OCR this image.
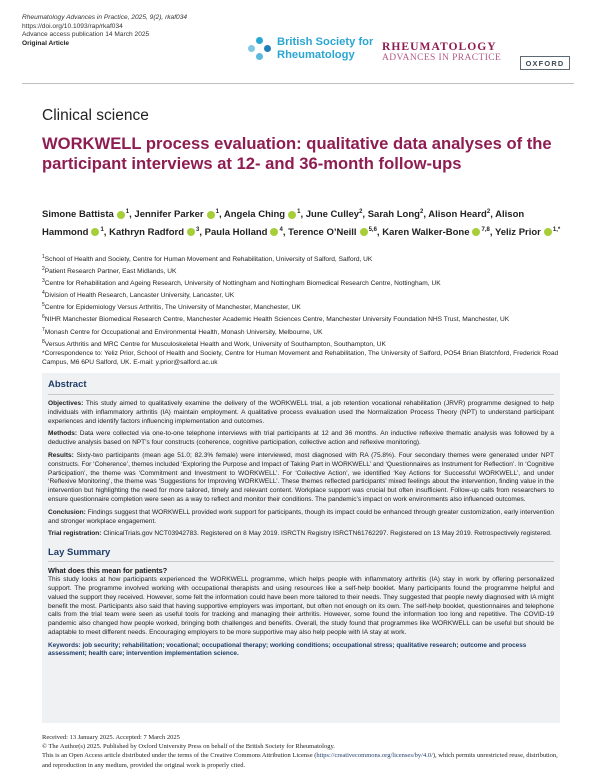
Rheumatology Advances in Practice, 2025, 9(2), rkaf034
https://doi.org/10.1093/rap/rkaf034
Advance access publication 14 March 2025
Original Article	British Society for
Rheumatology
RHEUMATOLOGY
ADVANCES IN PRACTICE
OXFORD
Clinical science
WORKWELL process evaluation: qualitative data analyses of the participant interviews at 12- and 36-month follow-ups
Simone Battista $^1$, Jennifer Parker $^1$, Angela Ching $^1$, June Culley$^2$, Sarah Long$^2$, Alison Heard$^2$, Alison Hammond $^1$, Kathryn Radford $^3$, Paula Holland $^4$, Terence O’Neill $^{5,6}$, Karen Walker-Bone $^{7,8}$, Yeliz Prior $^{1,*}$
$^1$School of Health and Society, Centre for Human Movement and Rehabilitation, University of Salford, Salford, UK
$^2$Patient Research Partner, East Midlands, UK
$^3$Centre for Rehabilitation and Ageing Research, University of Nottingham and Nottingham Biomedical Research Centre, Nottingham, UK
$^4$Division of Health Research, Lancaster University, Lancaster, UK
$^5$Centre for Epidemiology Versus Arthritis, The University of Manchester, Manchester, UK
$^6$NIHR Manchester Biomedical Research Centre, Manchester Academic Health Sciences Centre, Manchester University Foundation NHS Trust, Manchester, UK
$^7$Monash Centre for Occupational and Environmental Health, Monash University, Melbourne, UK
$^8$Versus Arthritis and MRC Centre for Musculoskeletal Health and Work, University of Southampton, Southampton, UK
*Correspondence to: Yeliz Prior, School of Health and Society, Centre for Human Movement and Rehabilitation, The University of Salford, PO54 Brian Blatchford, Frederick Road Campus, M6 6PU Salford, UK. E-mail: y.prior@salford.ac.uk
Abstract

Objectives: This study aimed to qualitatively examine the delivery of the WORKWELL trial, a job retention vocational rehabilitation (JRVR) programme designed to help individuals with inflammatory arthritis (IA) maintain employment. A qualitative process evaluation used the Normalization Process Theory (NPT) to understand participant experiences and identify factors influencing implementation and outcomes.

Methods: Data were collected via one-to-one telephone interviews with trial participants at 12 and 36 months. An inductive reflexive thematic analysis was followed by a deductive analysis based on NPT’s four constructs (coherence, cognitive participation, collective action and reflexive monitoring).

Results: Sixty-two participants (mean age 51.0; 82.3% female) were interviewed, most diagnosed with RA (75.8%). Four secondary themes were generated under NPT constructs. For ‘Coherence’, themes included ‘Exploring the Purpose and Impact of Taking Part in WORKWELL’ and ‘Questionnaires as Instrument for Reflection’. In ‘Cognitive Participation’, the theme was ‘Commitment and Investment to WORKWELL’. For ‘Collective Action’, we identified ‘Key Actions for Successful WORKWELL’, and under ‘Reflexive Monitoring’, the theme was ‘Suggestions for Improving WORKWELL’. These themes reflected participants’ mixed feelings about the intervention, finding value in the intervention but highlighting the need for more tailored, timely and relevant content. Workplace support was crucial but often insufficient. Follow-up calls from researchers to ensure questionnaire completion were seen as a way to reflect and monitor their conditions. The pandemic’s impact on work environments also influenced outcomes.

Conclusion: Findings suggest that WORKWELL provided work support for participants, though its impact could be enhanced through greater customization, early intervention and stronger workplace engagement.

Trial registration: ClinicalTrials.gov NCT03942783. Registered on 8 May 2019. ISRCTN Registry ISRCTN61762297. Registered on 13 May 2019. Retrospectively registered.

Lay Summary
What does this mean for patients?

This study looks at how participants experienced the WORKWELL programme, which helps people with inflammatory arthritis (IA) stay in work by offering personalized support. The programme involved working with occupational therapists and using resources like a self-help booklet. Many participants found the programme helpful and valued the support they received. However, some felt the information could have been more tailored to their needs. They suggested that people newly diagnosed with IA might benefit the most. Participants also said that having supportive employers was important, but often not enough on its own. The self-help booklet, questionnaires and telephone calls from the trial team were seen as useful tools for tracking and managing their arthritis. However, some found the information too long and repetitive. The COVID-19 pandemic also changed how people worked, bringing both challenges and benefits. Overall, the study found that programmes like WORKWELL can be useful but should be adaptable to meet different needs. Encouraging employers to be more supportive may also help people with IA stay at work.

Keywords: job security; rehabilitation; vocational; occupational therapy; working conditions; occupational stress; qualitative research; outcome and process assessment; health care; intervention implementation science.
Received: 13 January 2025. Accepted: 7 March 2025
© The Author(s) 2025. Published by Oxford University Press on behalf of the British Society for Rheumatology.
This is an Open Access article distributed under the terms of the Creative Commons Attribution License (https://creativecommons.org/licenses/by/4.0/), which permits unrestricted reuse, distribution, and reproduction in any medium, provided the original work is properly cited.
